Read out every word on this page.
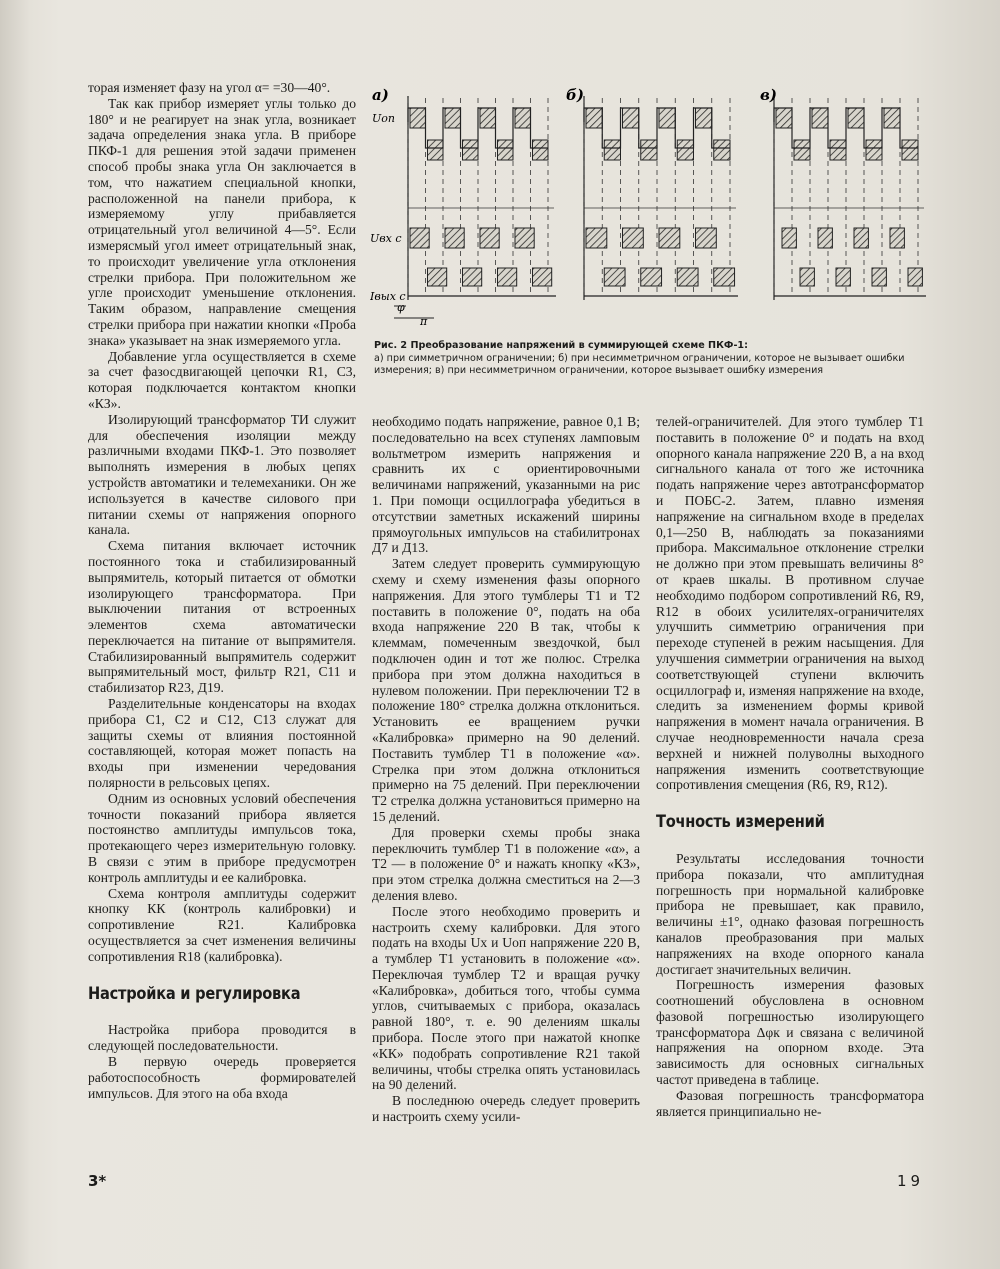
а)	б)	в)
Uоп
Uвх с
Iвых с
φ
π
Рис. 2 Преобразование напряжений в суммирующей схеме ПКФ-1:
а) при симметричном ограничении; б) при несимметричном ограничении, которое не вызывает ошибки измерения; в) при несимметричном ограничении, которое вызывает ошибку измерения

торая изменяет фазу на угол α= =30—40°.

Так как прибор измеряет углы только до 180° и не реагирует на знак угла, возникает задача определения знака угла. В приборе ПКФ-1 для решения этой задачи применен способ пробы знака угла Он заключается в том, что нажатием специальной кнопки, расположенной на панели прибора, к измеряемому углу прибавляется отрицательный угол величиной 4—5°. Если измерясмый угол имеет отрицательный знак, то происходит увеличение угла отклонения стрелки прибора. При положительном же угле происходит уменьшение отклонения. Таким образом, направление смещения стрелки прибора при нажатии кнопки «Проба знака» указывает на знак измеряемого угла.

Добавление угла осуществляется в схеме за счет фазосдвигающей цепочки R1, С3, которая подключается контактом кнопки «КЗ».

Изолирующий трансформатор ТИ служит для обеспечения изоляции между различными входами ПКФ-1. Это позволяет выполнять измерения в любых цепях устройств автоматики и телемеханики. Он же используется в качестве силового при питании схемы от напряжения опорного канала.

Схема питания включает источник постоянного тока и стабилизированный выпрямитель, который питается от обмотки изолирующего трансформатора. При выключении питания от встроенных элементов схема автоматически переключается на питание от выпрямителя. Стабилизированный выпрямитель содержит выпрямительный мост, фильтр R21, С11 и стабилизатор R23, Д19.

Разделительные конденсаторы на входах прибора С1, С2 и С12, С13 служат для защиты схемы от влияния постоянной составляющей, которая может попасть на входы при изменении чередования полярности в рельсовых цепях.

Одним из основных условий обеспечения точности показаний прибора является постоянство амплитуды импульсов тока, протекающего через измерительную головку. В связи с этим в приборе предусмотрен контроль амплитуды и ее калибровка.

Схема контроля амплитуды содержит кнопку КК (контроль калибровки) и сопротивление R21. Калибровка осуществляется за счет изменения величины сопротивления R18 (калибровка).

Настройка и регулировка

Настройка прибора проводится в следующей последовательности.

В первую очередь проверяется работоспособность формирователей импульсов. Для этого на оба входа

необходимо подать напряжение, равное 0,1 В; последовательно на всех ступенях ламповым вольтметром измерить напряжения и сравнить их с ориентировочными величинами напряжений, указанными на рис 1. При помощи осциллографа убедиться в отсутствии заметных искажений ширины прямоугольных импульсов на стабилитронах Д7 и Д13.

Затем следует проверить суммирующую схему и схему изменения фазы опорного напряжения. Для этого тумблеры Т1 и Т2 поставить в положение 0°, подать на оба входа напряжение 220 В так, чтобы к клеммам, помеченным звездочкой, был подключен один и тот же полюс. Стрелка прибора при этом должна находиться в нулевом положении. При переключении Т2 в положение 180° стрелка должна отклониться. Установить ее вращением ручки «Калибровка» примерно на 90 делений. Поставить тумблер Т1 в положение «α». Стрелка при этом должна отклониться примерно на 75 делений. При переключении Т2 стрелка должна установиться примерно на 15 делений.

Для проверки схемы пробы знака переключить тумблер Т1 в положение «α», а Т2 — в положение 0° и нажать кнопку «КЗ», при этом стрелка должна сместиться на 2—3 деления влево.

После этого необходимо проверить и настроить схему калибровки. Для этого подать на входы Ux и Uоп напряжение 220 В, а тумблер Т1 установить в положение «α». Переключая тумблер Т2 и вращая ручку «Калибровка», добиться того, чтобы сумма углов, считываемых с прибора, оказалась равной 180°, т. е. 90 делениям шкалы прибора. После этого при нажатой кнопке «КК» подобрать сопротивление R21 такой величины, чтобы стрелка опять установилась на 90 делений.

В последнюю очередь следует проверить и настроить схему усили-

телей-ограничителей. Для этого тумблер Т1 поставить в положение 0° и подать на вход опорного канала напряжение 220 В, а на вход сигнального канала от того же источника подать напряжение через автотрансформатор и ПОБС-2. Затем, плавно изменяя напряжение на сигнальном входе в пределах 0,1—250 В, наблюдать за показаниями прибора. Максимальное отклонение стрелки не должно при этом превышать величины 8° от краев шкалы. В противном случае необходимо подбором сопротивлений R6, R9, R12 в обоих усилителях-ограничителях улучшить симметрию ограничения при переходе ступеней в режим насыщения. Для улучшения симметрии ограничения на выход соответствующей ступени включить осциллограф и, изменяя напряжение на входе, следить за изменением формы кривой напряжения в момент начала ограничения. В случае неодновременности начала среза верхней и нижней полуволны выходного напряжения изменить соответствующие сопротивления смещения (R6, R9, R12).

Точность измерений

Результаты исследования точности прибора показали, что амплитудная погрешность при нормальной калибровке прибора не превышает, как правило, величины ±1°, однако фазовая погрешность каналов преобразования при малых напряжениях на входе опорного канала достигает значительных величин.

Погрешность измерения фазовых соотношений обусловлена в основном фазовой погрешностью изолирующего трансформатора Δφк и связана с величиной напряжения на опорном входе. Эта зависимость для основных сигнальных частот приведена в таблице.

Фазовая погрешность трансформатора является принципиально не-

3*	19
